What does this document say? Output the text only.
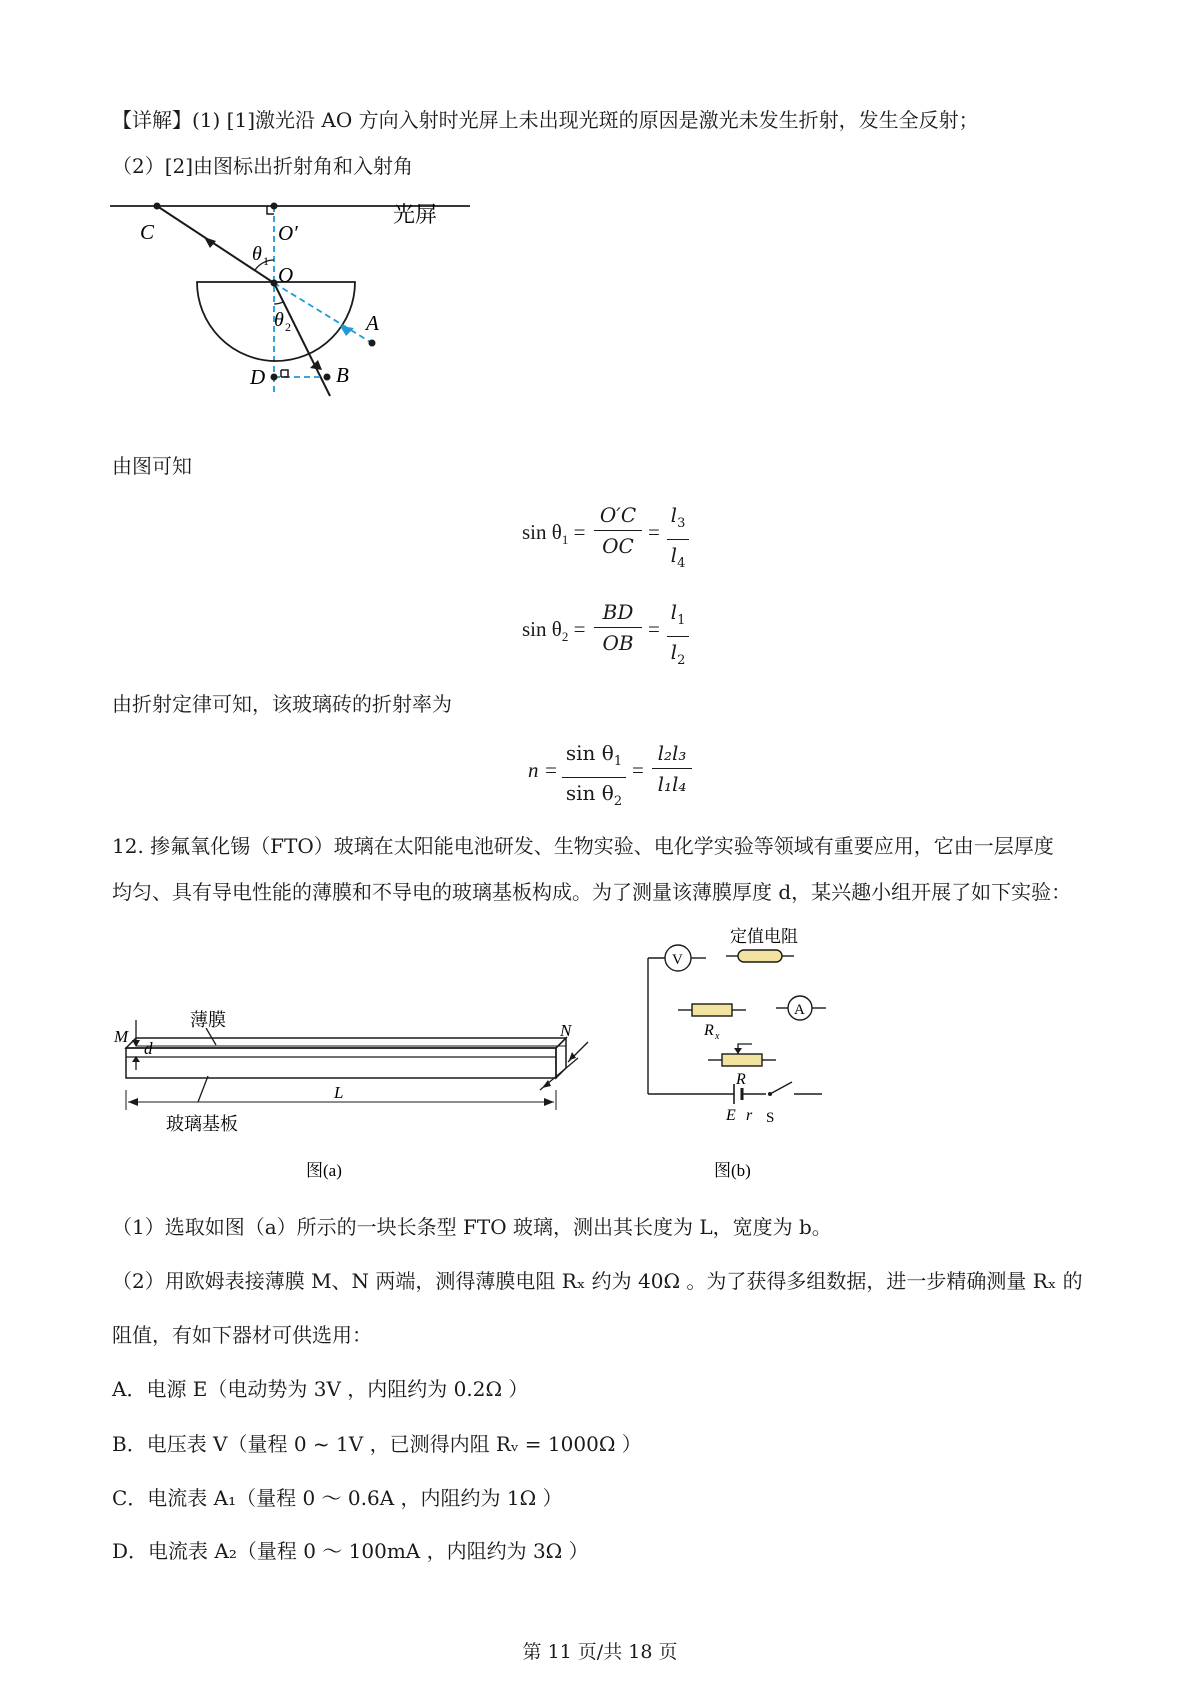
【详解】(1) [1]激光沿 AO 方向入射时光屏上未出现光斑的原因是激光未发生折射，发生全反射；
（2）[2]由图标出折射角和入射角
C	O′
O
θ 1
θ 2	A
B
D
光屏
由图可知
$\sin \theta_1$ =
O′C
OC
=
$l_3$
$l_4$
$\sin \theta_2$ =
BD
OB
=
$l_1$
$l_2$
由折射定律可知，该玻璃砖的折射率为
n =
$\sin \theta_1$
$\sin \theta_2$
=
l₂l₃
l₁l₄
12. 掺氟氧化锡（FTO）玻璃在太阳能电池研发、生物实验、电化学实验等领域有重要应用，它由一层厚度
均匀、具有导电性能的薄膜和不导电的玻璃基板构成。为了测量该薄膜厚度 d，某兴趣小组开展了如下实验：
薄膜
M
d
N
L
玻璃基板
图(a)
V
定值电阻
R x
A
R
E r S
图(b)
（1）选取如图（a）所示的一块长条型 FTO 玻璃，测出其长度为 L，宽度为 b。
（2）用欧姆表接薄膜 M、N 两端，测得薄膜电阻 Rₓ 约为 40Ω 。为了获得多组数据，进一步精确测量 Rₓ 的
阻值，有如下器材可供选用：
A．电源 E（电动势为 3V ，内阻约为 0.2Ω ）
B．电压表 V（量程 0 ~ 1V ，已测得内阻 Rᵥ = 1000Ω ）
C．电流表 A₁（量程 0 ～ 0.6A ，内阻约为 1Ω ）
D．电流表 A₂（量程 0 ～ 100mA ，内阻约为 3Ω ）
第 11 页/共 18 页
